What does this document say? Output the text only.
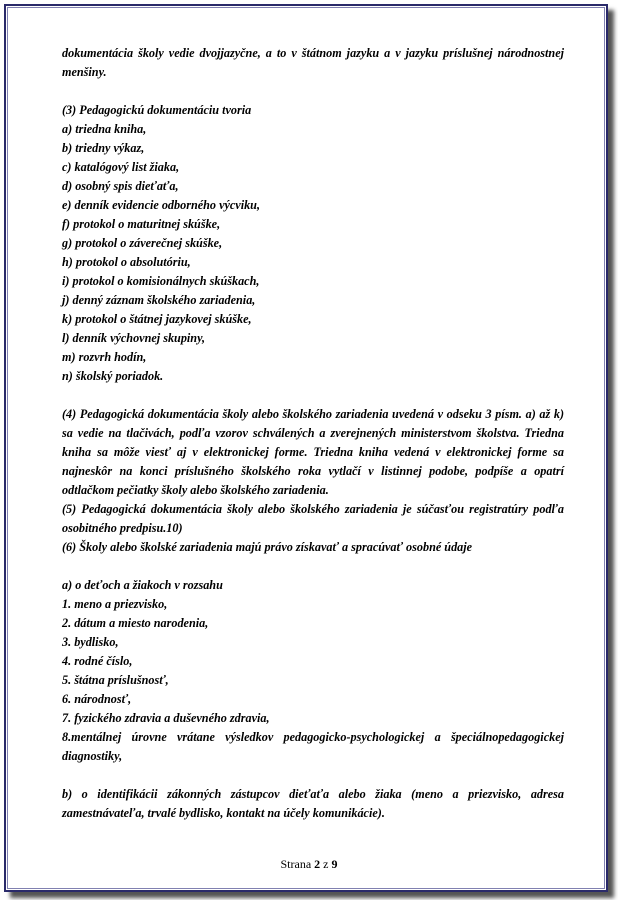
dokumentácia školy vedie dvojjazyčne, a to v štátnom jazyku a v jazyku príslušnej národnostnej menšiny.

(3) Pedagogickú dokumentáciu tvoria

a) triedna kniha,

b) triedny výkaz,

c) katalógový list žiaka,

d) osobný spis dieťaťa,

e) denník evidencie odborného výcviku,

f) protokol o maturitnej skúške,

g) protokol o záverečnej skúške,

h) protokol o absolutóriu,

i) protokol o komisionálnych skúškach,

j) denný záznam školského zariadenia,

k) protokol o štátnej jazykovej skúške,

l) denník výchovnej skupiny,

m) rozvrh hodín,

n) školský poriadok.

(4) Pedagogická dokumentácia školy alebo školského zariadenia uvedená v odseku 3 písm. a) až k) sa vedie na tlačivách, podľa vzorov schválených a zverejnených ministerstvom školstva. Triedna kniha sa môže viesť aj v elektronickej forme. Triedna kniha vedená v elektronickej forme sa najneskôr na konci príslušného školského roka vytlačí v listinnej podobe, podpíše a opatrí odtlačkom pečiatky školy alebo školského zariadenia.

(5) Pedagogická dokumentácia školy alebo školského zariadenia je súčasťou registratúry podľa osobitného predpisu.10)

(6) Školy alebo školské zariadenia majú právo získavať a spracúvať osobné údaje

a) o deťoch a žiakoch v rozsahu

1. meno a priezvisko,

2. dátum a miesto narodenia,

3. bydlisko,

4. rodné číslo,

5. štátna príslušnosť,

6. národnosť,

7. fyzického zdravia a duševného zdravia,

8.mentálnej úrovne vrátane výsledkov pedagogicko-psychologickej a špeciálnopedagogickej diagnostiky,

b) o identifikácii zákonných zástupcov dieťaťa alebo žiaka (meno a priezvisko, adresa zamestnávateľa, trvalé bydlisko, kontakt na účely komunikácie).

Strana 2 z 9
